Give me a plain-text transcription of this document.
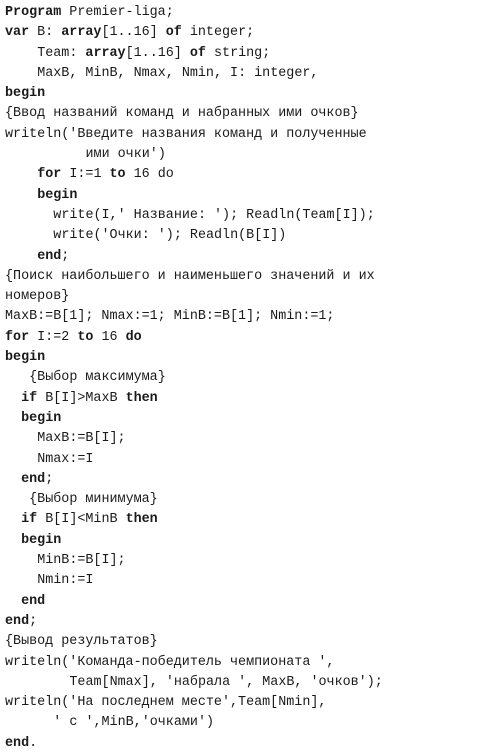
Program Premier-liga;
var B: array[1..16] of integer;
Team: array[1..16] of string;
MaxB, MinB, Nmax, Nmin, I: integer,
begin
{Ввод названий команд и набранных ими очков}
writeln('Введите названия команд и полученные
ими очки')
for I:=1 to 16 do
begin
write(I,' Название: '); Readln(Team[I]);
write('Очки: '); Readln(B[I])
end;
{Поиск наибольшего и наименьшего значений и их
номеров}
MaxB:=B[1]; Nmax:=1; MinB:=B[1]; Nmin:=1;
for I:=2 to 16 do
begin
{Выбор максимума}
if B[I]>MaxB then
begin
MaxB:=B[I];
Nmax:=I
end;
{Выбор минимума}
if B[I]<MinB then
begin
MinB:=B[I];
Nmin:=I
end
end;
{Вывод результатов}
writeln('Команда-победитель чемпионата ',
Team[Nmax], 'набрала ', MaxB, 'очков');
writeln('На последнем месте',Team[Nmin],
' с ',MinB,'очками')
end.
